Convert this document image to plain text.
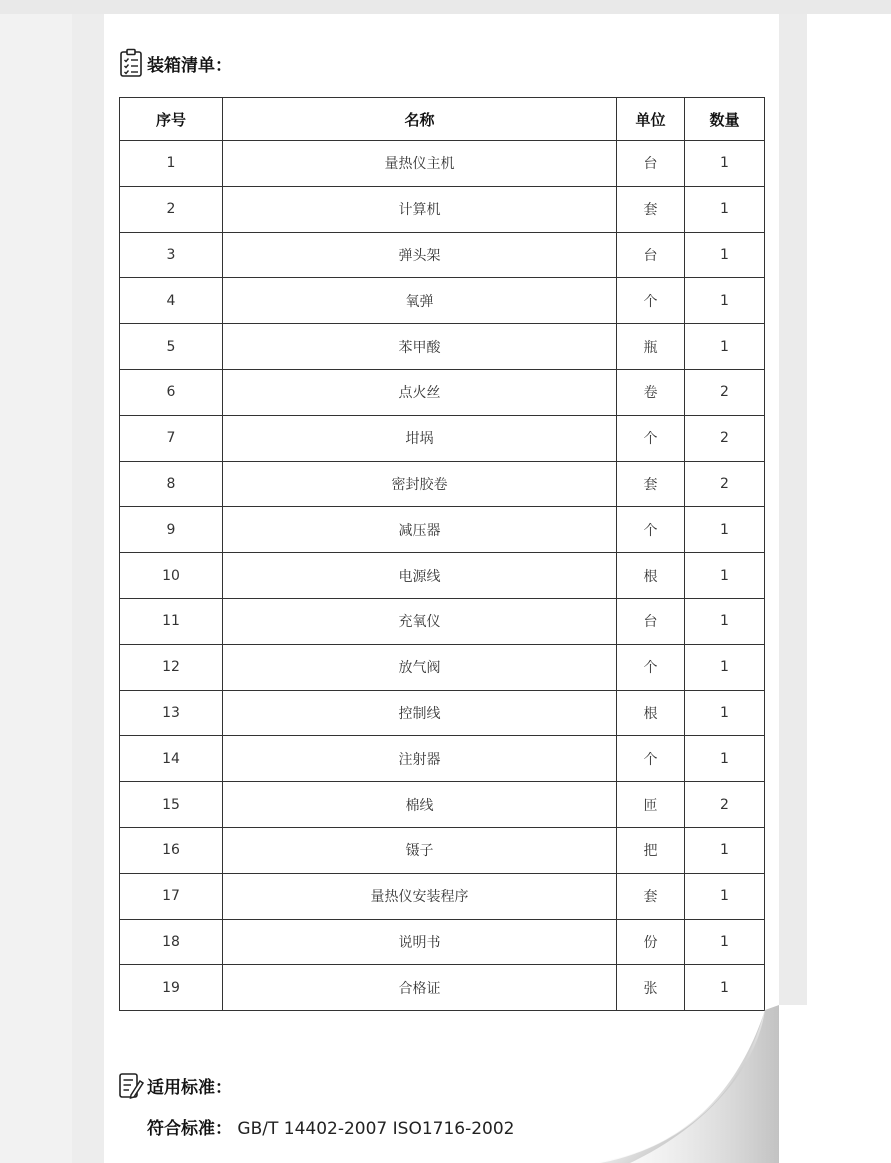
装箱清单：
序号	名称	单位	数量
1	量热仪主机	台	1
2	计算机	套	1
3	弹头架	台	1
4	氧弹	个	1
5	苯甲酸	瓶	1
6	点火丝	卷	2
7	坩埚	个	2
8	密封胶卷	套	2
9	减压器	个	1
10	电源线	根	1
11	充氧仪	台	1
12	放气阀	个	1
13	控制线	根	1
14	注射器	个	1
15	棉线	匝	2
16	镊子	把	1
17	量热仪安装程序	套	1
18	说明书	份	1
19	合格证	张	1
适用标准：
符合标准： GB/T 14402-2007 ISO1716-2002
